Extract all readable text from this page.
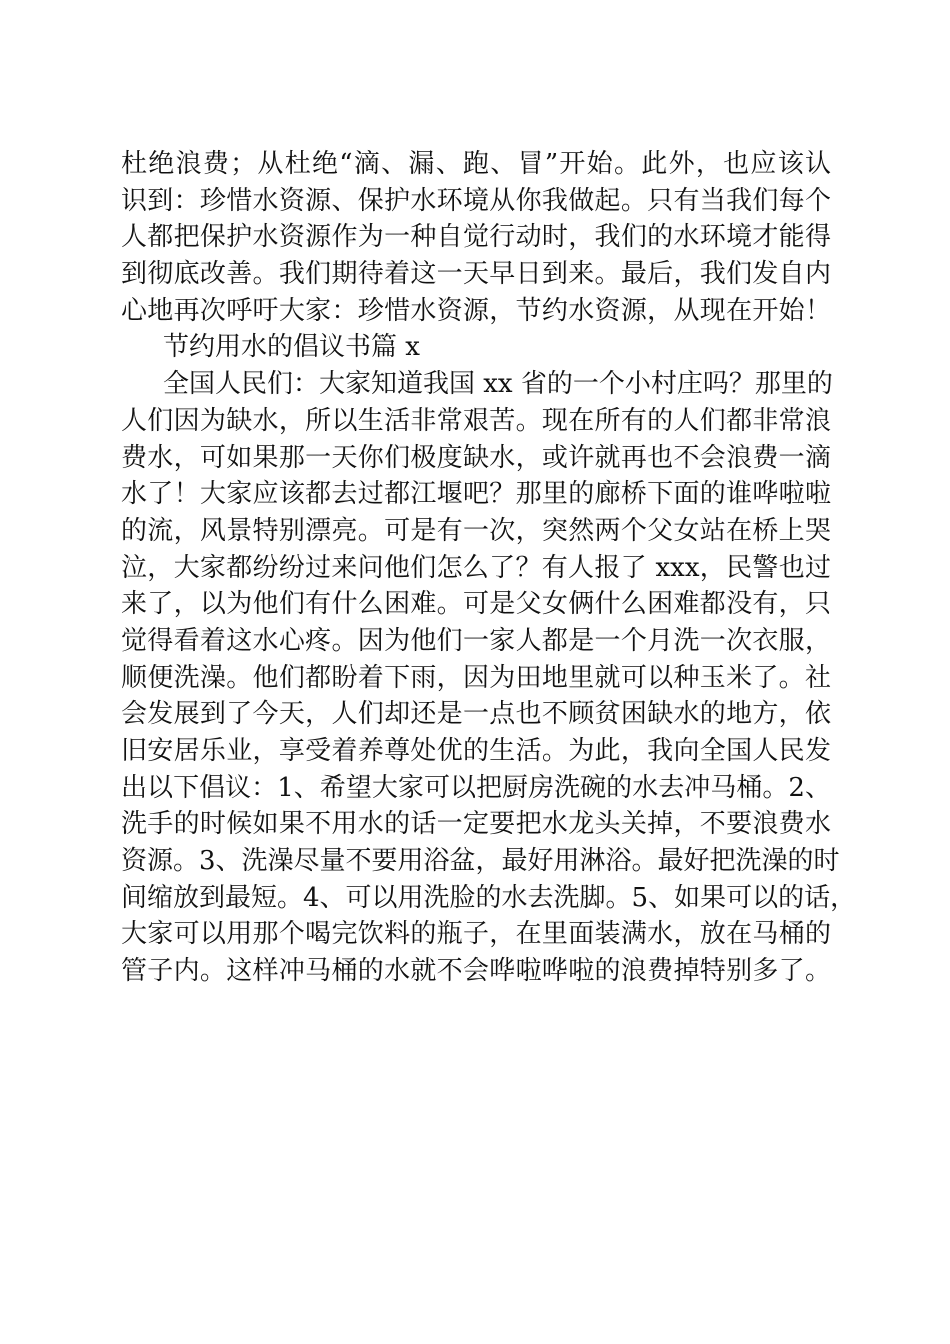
杜绝浪费；从杜绝“滴、漏、跑、冒”开始。此外，也应该认
识到：珍惜水资源、保护水环境从你我做起。只有当我们每个
人都把保护水资源作为一种自觉行动时，我们的水环境才能得
到彻底改善。我们期待着这一天早日到来。最后，我们发自内
心地再次呼吁大家：珍惜水资源，节约水资源，从现在开始！
节约用水的倡议书篇 x
全国人民们：大家知道我国 xx 省的一个小村庄吗？那里的
人们因为缺水，所以生活非常艰苦。现在所有的人们都非常浪
费水，可如果那一天你们极度缺水，或许就再也不会浪费一滴
水了！大家应该都去过都江堰吧？那里的廊桥下面的谁哗啦啦
的流，风景特别漂亮。可是有一次，突然两个父女站在桥上哭
泣，大家都纷纷过来问他们怎么了？有人报了 xxx，民警也过
来了，以为他们有什么困难。可是父女俩什么困难都没有，只
觉得看着这水心疼。因为他们一家人都是一个月洗一次衣服，
顺便洗澡。他们都盼着下雨，因为田地里就可以种玉米了。社
会发展到了今天，人们却还是一点也不顾贫困缺水的地方，依
旧安居乐业，享受着养尊处优的生活。为此，我向全国人民发
出以下倡议：1、希望大家可以把厨房洗碗的水去冲马桶。2、
洗手的时候如果不用水的话一定要把水龙头关掉，不要浪费水
资源。3、洗澡尽量不要用浴盆，最好用淋浴。最好把洗澡的时
间缩放到最短。4、可以用洗脸的水去洗脚。5、如果可以的话，
大家可以用那个喝完饮料的瓶子，在里面装满水，放在马桶的
管子内。这样冲马桶的水就不会哗啦哗啦的浪费掉特别多了。
